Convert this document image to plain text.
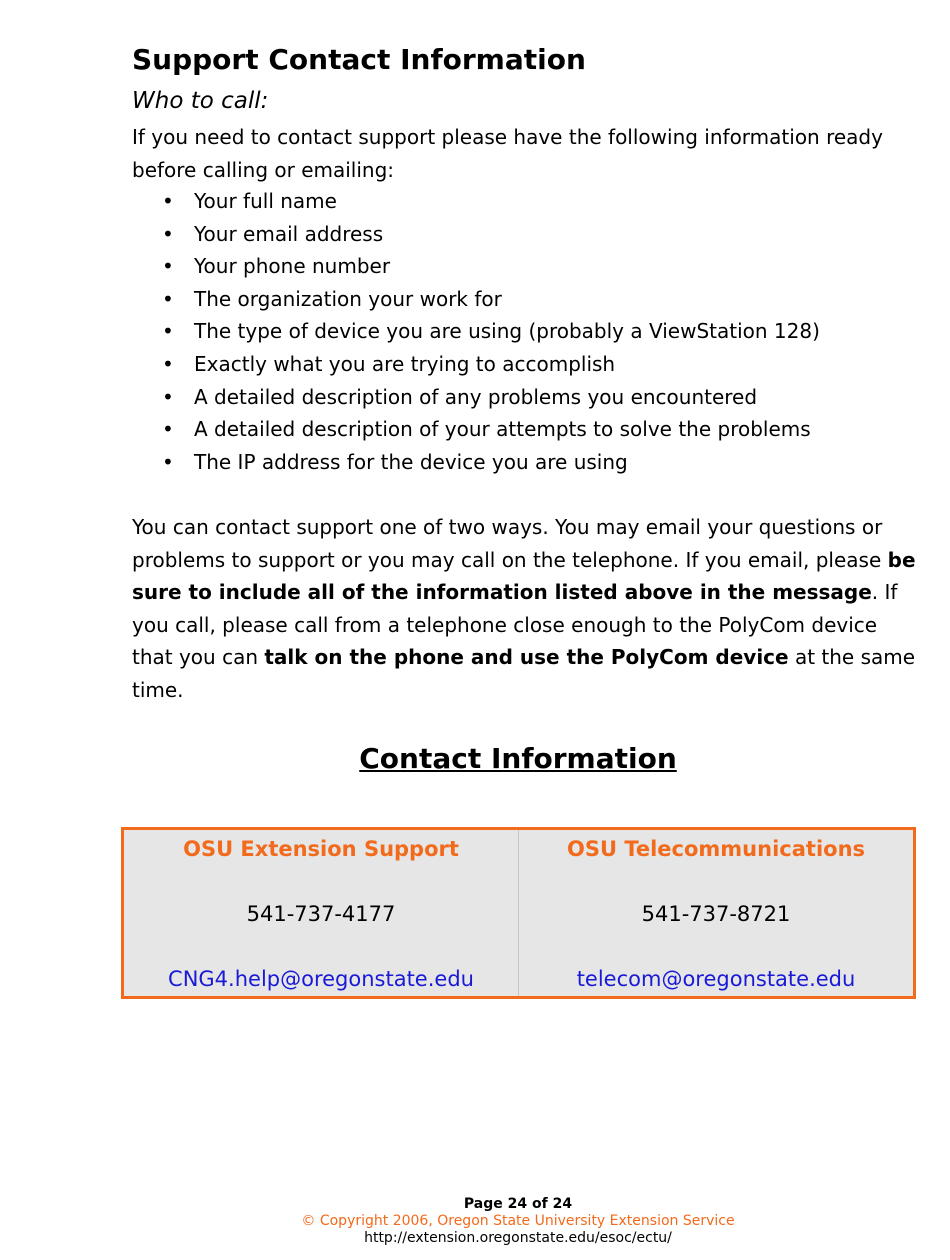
Support Contact Information
Who to call:
If you need to contact support please have the following information ready before calling or emailing:
• Your full name
• Your email address
• Your phone number
• The organization your work for
• The type of device you are using (probably a ViewStation 128)
• Exactly what you are trying to accomplish
• A detailed description of any problems you encountered
• A detailed description of your attempts to solve the problems
• The IP address for the device you are using
You can contact support one of two ways. You may email your questions or problems to support or you may call on the telephone. If you email, please be sure to include all of the information listed above in the message. If you call, please call from a telephone close enough to the PolyCom device that you can talk on the phone and use the PolyCom device at the same time.
Contact Information
OSU Extension Support
541-737-4177
CNG4.help@oregonstate.edu
OSU Telecommunications
541-737-8721
telecom@oregonstate.edu
Page 24 of 24
© Copyright 2006, Oregon State University Extension Service
http://extension.oregonstate.edu/esoc/ectu/
